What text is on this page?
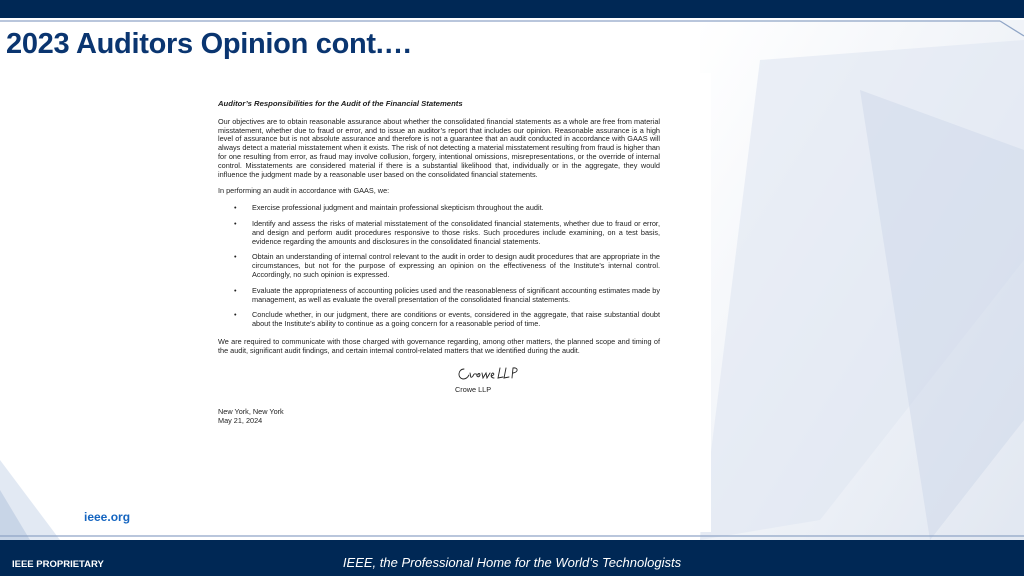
2023 Auditors Opinion cont.…
Auditor’s Responsibilities for the Audit of the Financial Statements

Our objectives are to obtain reasonable assurance about whether the consolidated financial statements as a whole are free from material misstatement, whether due to fraud or error, and to issue an auditor’s report that includes our opinion. Reasonable assurance is a high level of assurance but is not absolute assurance and therefore is not a guarantee that an audit conducted in accordance with GAAS will always detect a material misstatement when it exists. The risk of not detecting a material misstatement resulting from fraud is higher than for one resulting from error, as fraud may involve collusion, forgery, intentional omissions, misrepresentations, or the override of internal control. Misstatements are considered material if there is a substantial likelihood that, individually or in the aggregate, they would influence the judgment made by a reasonable user based on the consolidated financial statements.

In performing an audit in accordance with GAAS, we:

• Exercise professional judgment and maintain professional skepticism throughout the audit.
• Identify and assess the risks of material misstatement of the consolidated financial statements, whether due to fraud or error, and design and perform audit procedures responsive to those risks. Such procedures include examining, on a test basis, evidence regarding the amounts and disclosures in the consolidated financial statements.
• Obtain an understanding of internal control relevant to the audit in order to design audit procedures that are appropriate in the circumstances, but not for the purpose of expressing an opinion on the effectiveness of the Institute’s internal control. Accordingly, no such opinion is expressed.
• Evaluate the appropriateness of accounting policies used and the reasonableness of significant accounting estimates made by management, as well as evaluate the overall presentation of the consolidated financial statements.
• Conclude whether, in our judgment, there are conditions or events, considered in the aggregate, that raise substantial doubt about the Institute’s ability to continue as a going concern for a reasonable period of time.

We are required to communicate with those charged with governance regarding, among other matters, the planned scope and timing of the audit, significant audit findings, and certain internal control-related matters that we identified during the audit.

Crowe LLP
New York, New York
May 21, 2024
ieee.org
IEEE PROPRIETARY	IEEE, the Professional Home for the World’s Technologists
